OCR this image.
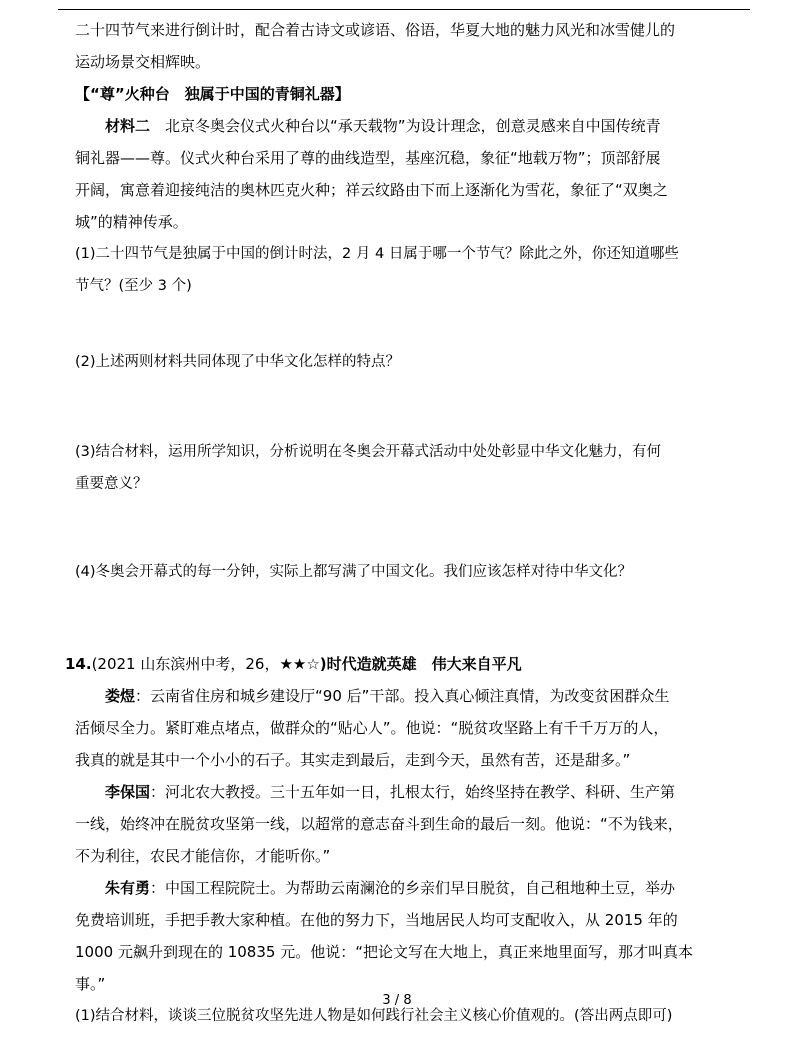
二十四节气来进行倒计时，配合着古诗文或谚语、俗语，华夏大地的魅力风光和冰雪健儿的
运动场景交相辉映。
【“尊”火种台　独属于中国的青铜礼器】
材料二　 北京冬奥会仪式火种台以“承天载物”为设计理念，创意灵感来自中国传统青
铜礼器——尊。仪式火种台采用了尊的曲线造型，基座沉稳，象征“地载万物”；顶部舒展
开阔，寓意着迎接纯洁的奥林匹克火种；祥云纹路由下而上逐渐化为雪花，象征了“双奥之
城”的精神传承。
(1)二十四节气是独属于中国的倒计时法，2 月 4 日属于哪一个节气？除此之外，你还知道哪些
节气？(至少 3 个)
(2)上述两则材料共同体现了中华文化怎样的特点？
(3)结合材料，运用所学知识，分析说明在冬奥会开幕式活动中处处彰显中华文化魅力，有何
重要意义？
(4)冬奥会开幕式的每一分钟，实际上都写满了中国文化。我们应该怎样对待中华文化？
14.(2021 山东滨州中考，26，★★☆)时代造就英雄　伟大来自平凡
娄煜：云南省住房和城乡建设厅“90 后”干部。投入真心倾注真情，为改变贫困群众生
活倾尽全力。紧盯难点堵点，做群众的“贴心人”。他说：“脱贫攻坚路上有千千万万的人，
我真的就是其中一个小小的石子。其实走到最后，走到今天，虽然有苦，还是甜多。”
李保国：河北农大教授。三十五年如一日，扎根太行，始终坚持在教学、科研、生产第
一线，始终冲在脱贫攻坚第一线，以超常的意志奋斗到生命的最后一刻。他说：“不为钱来，
不为利往，农民才能信你，才能听你。”
朱有勇：中国工程院院士。为帮助云南澜沧的乡亲们早日脱贫，自己租地种土豆，举办
免费培训班，手把手教大家种植。在他的努力下，当地居民人均可支配收入，从 2015 年的
1000 元飙升到现在的 10835 元。他说：“把论文写在大地上，真正来地里面写，那才叫真本
事。”
(1)结合材料，谈谈三位脱贫攻坚先进人物是如何践行社会主义核心价值观的。(答出两点即可)
3 / 8
